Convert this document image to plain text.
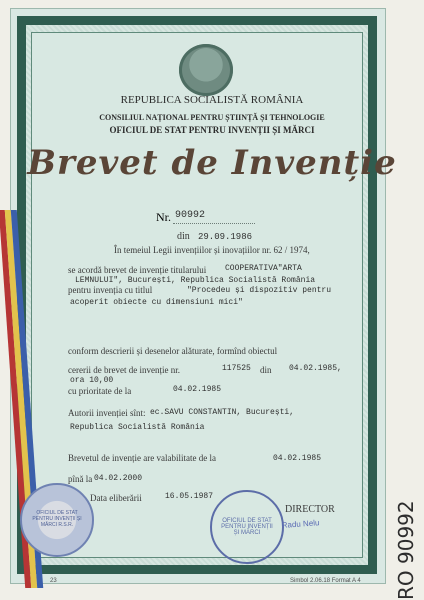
REPUBLICA SOCIALISTĂ ROMÂNIA
CONSILIUL NAȚIONAL PENTRU ȘTIINȚĂ ȘI TEHNOLOGIE
OFICIUL DE STAT PENTRU INVENȚII ȘI MĂRCI
Brevet de Invenție
Nr. 90992
din 29.09.1986
În temeiul Legii invențiilor și inovațiilor nr. 62 / 1974,
se acordă brevet de invenție titularului COOPERATIVA"ARTA
LEMNULUI", București, Republica Socialistă România
pentru invenția cu titlul	"Procedeu și dispozitiv pentru
acoperit obiecte cu dimensiuni mici"
conform descrierii și desenelor alăturate, formînd obiectul
cererii de brevet de invenție nr.	117525 din 04.02.1985,
ora 10,00
cu prioritate de la	04.02.1985
Autorii invenției sînt: ec.SAVU CONSTANTIN, București,
Republica Socialistă România
Brevetul de invenție are valabilitate de la	04.02.1985
pînă la 04.02.2000
Data eliberării	16.05.1987
DIRECTOR
OFICIUL DE STAT PENTRU INVENȚII ȘI MĂRCI R.S.R.
OFICIUL DE STAT PENTRU INVENȚII ȘI MĂRCI
Radu Nelu
23	Simbol 2.06.18 Format A 4 RO 90992
